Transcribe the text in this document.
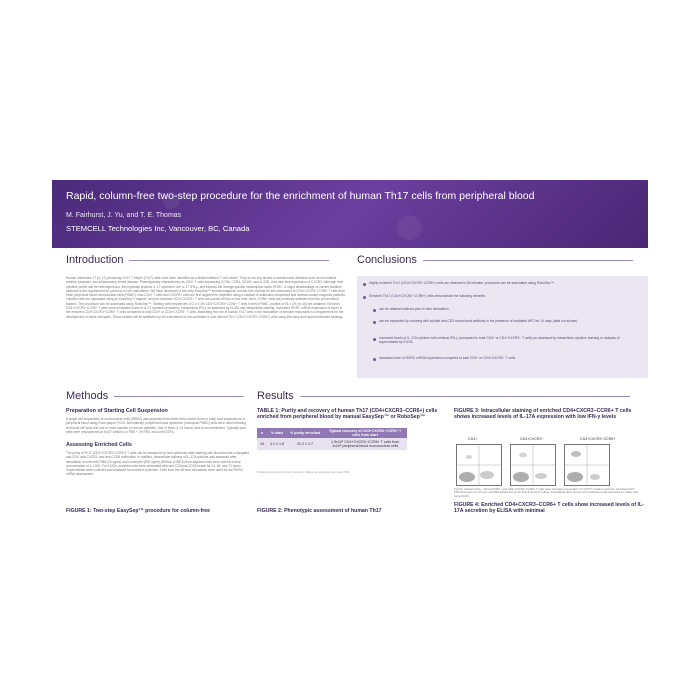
Rapid, column-free two-step procedure for the enrichment of human Th17 cells from peripheral blood
M. Fairhurst, J. Yu, and T. E. Thomas
STEMCELL Technologies Inc, Vancouver, BC, Canada
Introduction
Human interleukin 17 (IL-17) producing CD4+ T helper (Th17) cells have been identified as a distinct effector T cell subset. They act as key drivers of autoimmune diseases such as rheumatoid arthritis, psoriasis, and inflammatory bowel disease. Phenotypically characterized as CD4+ T cells expressing CCR6, CCR4, CD161, and IL-23R, they also lack expression of CXCR3. Although their cytokine profile can be heterogeneous, they typically produce IL-17 cytokines, are IL-17 IFN-γ, and express the lineage-specific transcription factor RORC. A major disadvantage of current isolation methods is the requirement for previous in vitro stimulation. We have developed a two-step EasySep™ immunomagnetic column-free method for the enrichment of CD4+CXCR3−CCR6+ T cells from fresh peripheral blood mononuclear cells (PBMC). Non-CD4+ T cells and CXCR3+ cells are first targeted for depletion using a cocktail of antibodies complexed and dextran-coated magnetic particles. Labeled cells are separated using an EasySep™ magnet, and pre-enriched CD4+CXCR3− T cells are poured off into a new tube. Next, CCR6+ cells are positively selected from the pre-enriched fraction. The procedure can be automated using RoboSep™. Starting with frequencies of 3.4 ± 3% CD4+CXCR3−CCR6+ T cells in fresh PBMC, purities of 91 ± 3% (n=16) are obtained. Enriched CD4+CXCR3−CCR6+ T cells show increased levels of IL-17 cytokine production. Intracellular IFN-γ as assessed by ELISA and intracellular staining. Increased RORC mRNA expression is found in the enriched CD4+CXCR3−CCR6+ T cells compared to total CD4+ or CD4+CXCR3− T cells, illustrating the role of human Th17 cells in the modulation of immune responses is a requirement for the development of future therapies. These studies will be facilitated by the enrichment of non-activated in vivo derived Th17 (CD4+CXCR3−CCR6+) cells using this easy and rapid enrichment strategy.
Conclusions
Highly enriched Th17 (CD4+CXCR3−CCR6+) cells are obtained in 80 minutes; procedure can be automated using RoboSep™.
Enriched Th17 (CD4+CXCR3−CCR6+) cells demonstrate the following benefits:
can be obtained without prior in vitro stimulation
can be expanded by culturing with soluble anti-CD3 monoclonal antibody in the presence of irradiated APC for 14 days (data not shown)
increased levels of IL-17A cytokine with minimal IFN-γ (compared to total CD4+ or CD4+CXCR3− T cells) as assessed by intracellular cytokine staining or analysis of supernatants by ELISA
increased level of RORC mRNA expression compared to total CD4+ or CD4+CXCR3− T cells
Methods
Preparation of Starting Cell Suspension
A single cell suspension of mononuclear cells (PBMC) was prepared from either fresh whole blood or buffy coat suspensions of peripheral blood using Ficoll-paque PLUS. Alternatively, peripheral blood apheresis (Leukopak PBMC) cells were used following red blood cell lysis and one or more washes to remove platelets. Use of fresh (1-24 hours) cells is recommended. Typically start cells were resuspended at 5x10⁷ cells/mL in PBS + 2% FBS and 1mM EDTA.
Assessing Enriched Cells
The purity of Th17 (CD4+CXCR3−CCR6+) T cells can be measured by flow cytometry after staining with fluorochrome-conjugated anti-CD4, anti-CXCR3, and anti-CCR6 antibodies. In addition, intracellular staining of IL-17A cytokine was assessed after stimulation of cells with PMA (10 ng/ml) and ionomycin (500 ng/ml) (Ref/Ion A 0BFA) from adjacent cells were used at a final concentration of 1:1,000. For ELISA, enriched cells were stimulated with anti-CD3/anti-CD28 beads for 24, 48, and 72 hours. Supernatants were collected and analysed for secreted cytokines. Cells from the 48 hour stimulation were used for the RORC mRNA assessment.
FIGURE 1: Two-step EasySep™ procedure for column-free
Results
TABLE 1: Purity and recovery of human Th17 (CD4+CXCR3−CCR6+) cells enriched from peripheral blood by manual EasySep™ or RoboSep™
n	% start	% purity enriched	Typical recovery of CD4+CXCR3−CCR6+ T cells from start
16	4.1 ± 1.8	91.3 ± 3.7	1.5x10⁵ CD4+CXCR3−CCR6+ T cells from 1x10⁸ peripheral blood mononuclear cells
Purities determined by flow cytometry. Values are expressed as mean ±SD.
FIGURE 2: Phenotypic assessment of human Th17
FIGURE 3: Intracellular staining of enriched CD4+CXCR3−CCR6+ T cells shows increased levels of IL-17A expression with low IFN-γ levels
CD4+	CD4+CXCR3−	CD4+CXCR3−CCR6+
Freshly isolated CD4+, CD4+CXCR3− and CD4+CXCR3−CCR6+ T cells were stimulated overnight in X-VIVO™ medium and then stimulated with PMA/ionomycin for 5 hours with BFA added during the final 4 hours of culture. Intracellular IFN-γ and IL-17A expression was assessed on viable cells using FACS.
FIGURE 4: Enriched CD4+CXCR3−CCR6+ T cells show increased levels of IL-17A secretion by ELISA with minimal
